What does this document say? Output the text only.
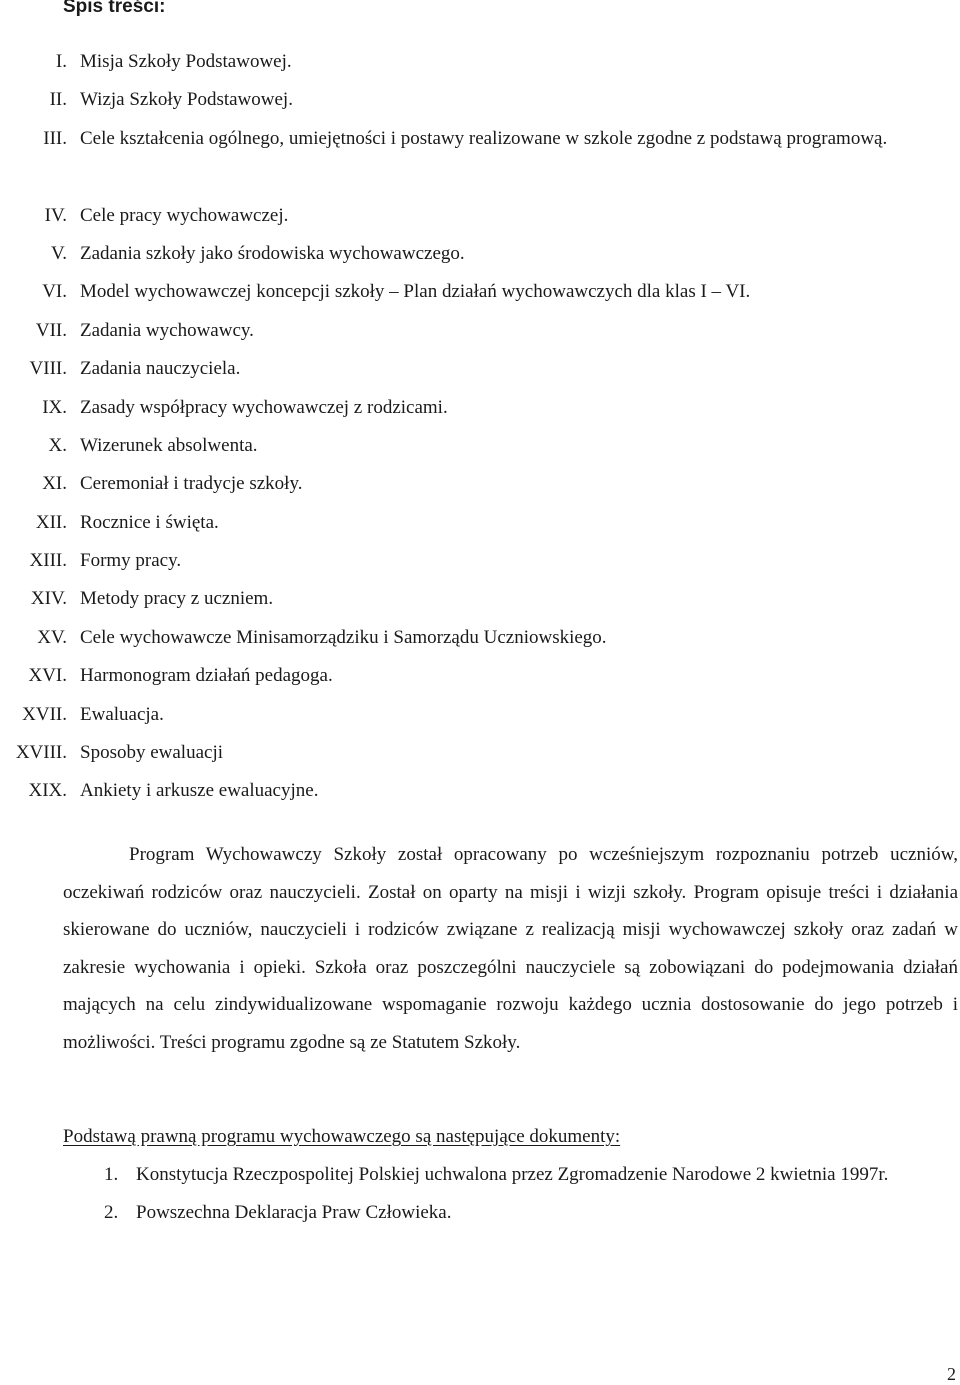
Spis treści:
I. Misja Szkoły Podstawowej.
II. Wizja Szkoły Podstawowej.
III. Cele kształcenia ogólnego, umiejętności i postawy realizowane w szkole zgodne z podstawą programową.
IV. Cele pracy wychowawczej.
V. Zadania szkoły jako środowiska wychowawczego.
VI. Model wychowawczej koncepcji szkoły – Plan działań wychowawczych dla klas I – VI.
VII. Zadania wychowawcy.
VIII. Zadania nauczyciela.
IX. Zasady współpracy wychowawczej z rodzicami.
X. Wizerunek absolwenta.
XI. Ceremoniał i tradycje szkoły.
XII. Rocznice i święta.
XIII. Formy pracy.
XIV. Metody pracy z uczniem.
XV. Cele wychowawcze Minisamorządziku i Samorządu Uczniowskiego.
XVI. Harmonogram działań pedagoga.
XVII. Ewaluacja.
XVIII. Sposoby ewaluacji
XIX. Ankiety i arkusze ewaluacyjne.

Program Wychowawczy Szkoły został opracowany po wcześniejszym rozpoznaniu potrzeb uczniów, oczekiwań rodziców oraz nauczycieli. Został on oparty na misji i wizji szkoły. Program opisuje treści i działania skierowane do uczniów, nauczycieli i rodziców związane z realizacją misji wychowawczej szkoły oraz zadań w zakresie wychowania i opieki. Szkoła oraz poszczególni nauczyciele są zobowiązani do podejmowania działań mających na celu zindywidualizowane wspomaganie rozwoju każdego ucznia dostosowanie do jego potrzeb i możliwości. Treści programu zgodne są ze Statutem Szkoły.

Podstawą prawną programu wychowawczego są następujące dokumenty:

1. Konstytucja Rzeczpospolitej Polskiej uchwalona przez Zgromadzenie Narodowe 2 kwietnia 1997r.
2. Powszechna Deklaracja Praw Człowieka.
2
